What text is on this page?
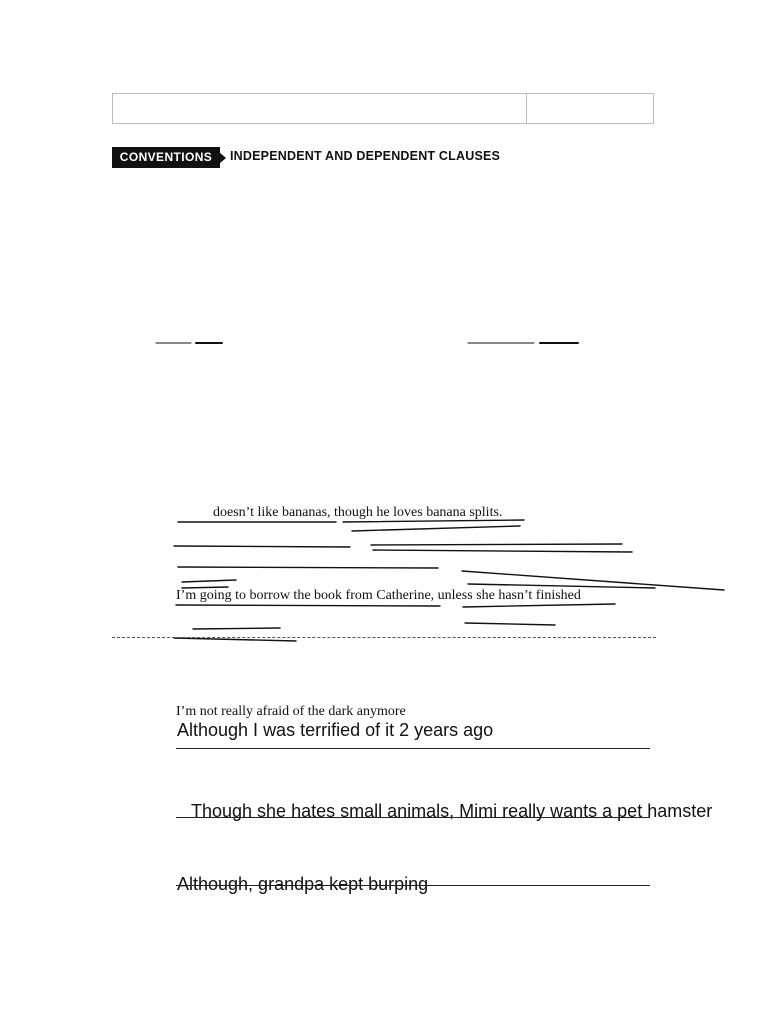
CONVENTIONS	INDEPENDENT AND DEPENDENT CLAUSES
doesn’t like bananas, though he loves banana splits.
I’m going to borrow the book from Catherine, unless she hasn’t finished
I’m not really afraid of the dark anymore
Although I was terrified of it 2 years ago
Though she hates small animals, Mimi really wants a pet hamster
Although, grandpa kept burping
